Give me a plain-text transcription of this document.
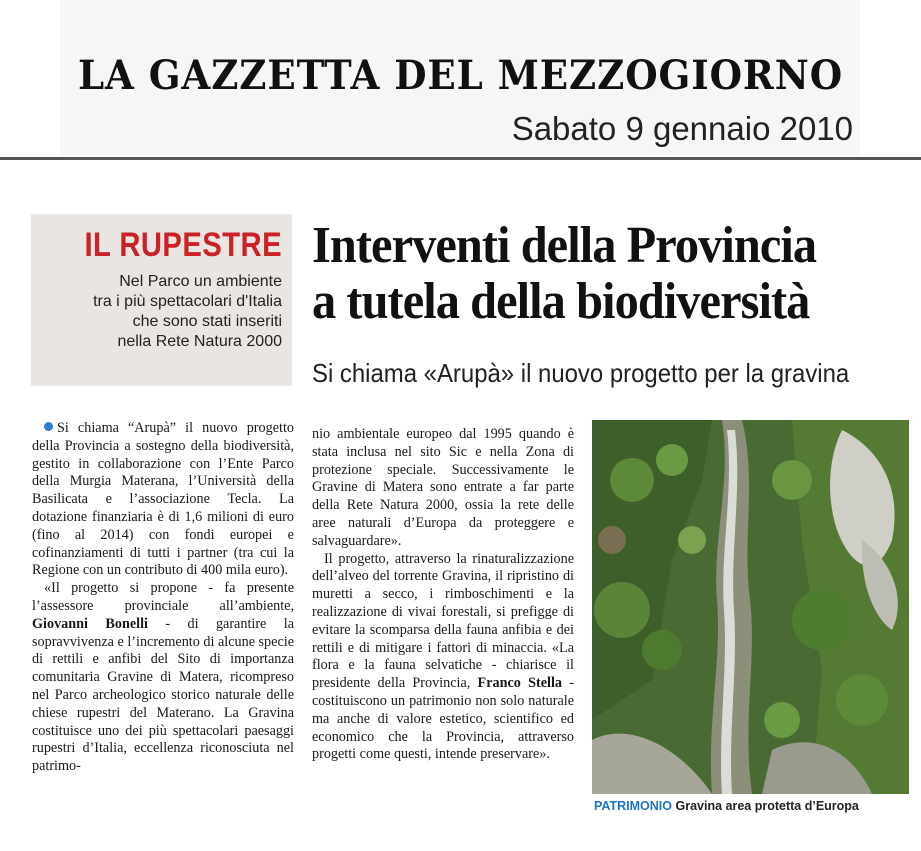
LA GAZZETTA DEL MEZZOGIORNO
Sabato 9 gennaio 2010
IL RUPESTRE
Nel Parco un ambiente
tra i più spettacolari d'Italia
che sono stati inseriti
nella Rete Natura 2000
Interventi della Provincia
a tutela della biodiversità
Si chiama «Arupà» il nuovo progetto per la gravina

Si chiama “Arupà” il nuovo progetto della Provincia a sostegno della biodiversità, gestito in collaborazione con l’Ente Parco della Murgia Materana, l’Università della Basilicata e l’associazione Tecla. La dotazione finanziaria è di 1,6 milioni di euro (fino al 2014) con fondi europei e cofinanziamenti di tutti i partner (tra cui la Regione con un contributo di 400 mila euro).

«Il progetto si propone - fa presente l’assessore provinciale all’ambiente, Giovanni Bonelli - di garantire la sopravvivenza e l’incremento di alcune specie di rettili e anfibi del Sito di importanza comunitaria Gravine di Matera, ricompreso nel Parco archeologico storico naturale delle chiese rupestri del Materano. La Gravina costituisce uno dei più spettacolari paesaggi rupestri d’Italia, eccellenza riconosciuta nel patrimo-

nio ambientale europeo dal 1995 quando è stata inclusa nel sito Sic e nella Zona di protezione speciale. Successivamente le Gravine di Matera sono entrate a far parte della Rete Natura 2000, ossia la rete delle aree naturali d’Europa da proteggere e salvaguardare».

Il progetto, attraverso la rinaturalizzazione dell’alveo del torrente Gravina, il ripristino di muretti a secco, i rimboschimenti e la realizzazione di vivai forestali, si prefigge di evitare la scomparsa della fauna anfibia e dei rettili e di mitigare i fattori di minaccia. «La flora e la fauna selvatiche - chiarisce il presidente della Provincia, Franco Stella - costituiscono un patrimonio non solo naturale ma anche di valore estetico, scientifico ed economico che la Provincia, attraverso progetti come questi, intende preservare».

PATRIMONIO Gravina area protetta d’Europa
